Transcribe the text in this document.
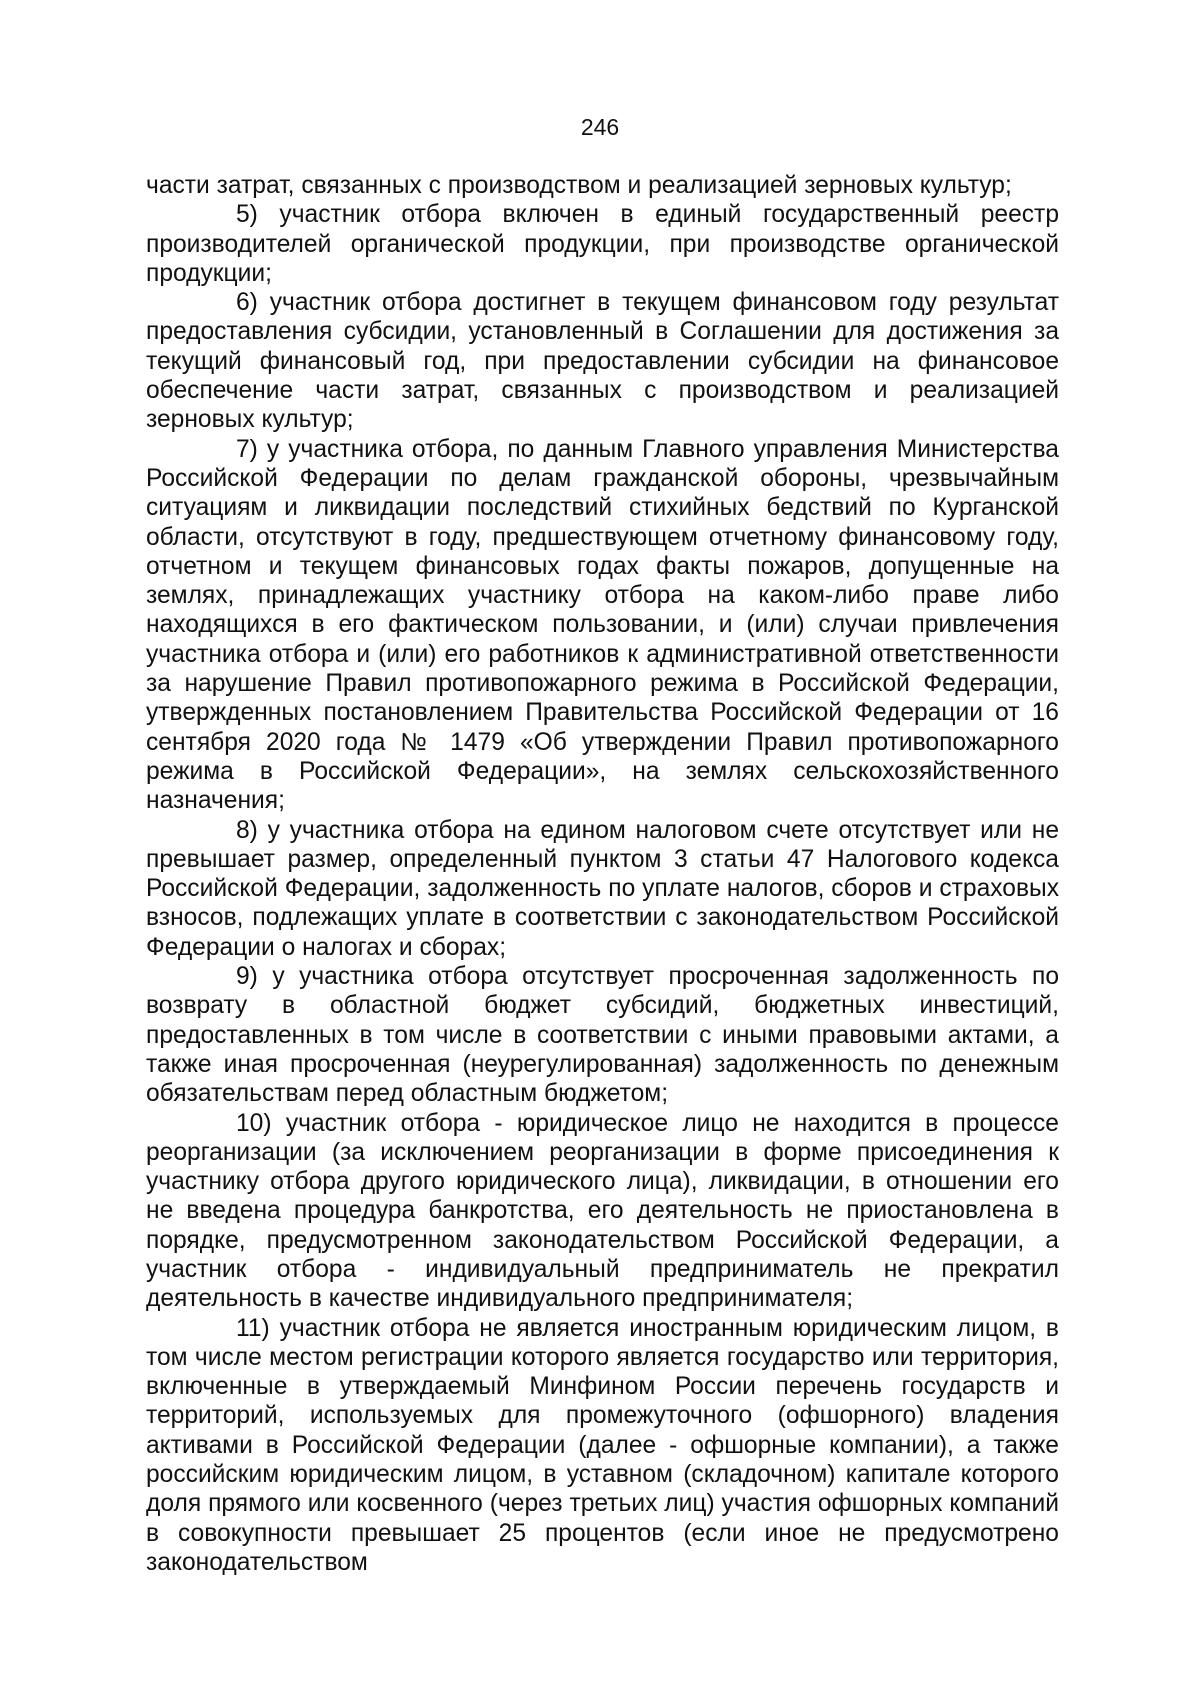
246

части затрат, связанных с производством и реализацией зерновых культур;

5) участник отбора включен в единый государственный реестр производителей органической продукции, при производстве органической продукции;

6) участник отбора достигнет в текущем финансовом году результат предоставления субсидии, установленный в Соглашении для достижения за текущий финансовый год, при предоставлении субсидии на финансовое обеспечение части затрат, связанных с производством и реализацией зерновых культур;

7) у участника отбора, по данным Главного управления Министерства Российской Федерации по делам гражданской обороны, чрезвычайным ситуациям и ликвидации последствий стихийных бедствий по Курганской области, отсутствуют в году, предшествующем отчетному финансовому году, отчетном и текущем финансовых годах факты пожаров, допущенные на землях, принадлежащих участнику отбора на каком-либо праве либо находящихся в его фактическом пользовании, и (или) случаи привлечения участника отбора и (или) его работников к административной ответственности за нарушение Правил противопожарного режима в Российской Федерации, утвержденных постановлением Правительства Российской Федерации от 16 сентября 2020 года № 1479 «Об утверждении Правил противопожарного режима в Российской Федерации», на землях сельскохозяйственного назначения;

8) у участника отбора на едином налоговом счете отсутствует или не превышает размер, определенный пунктом 3 статьи 47 Налогового кодекса Российской Федерации, задолженность по уплате налогов, сборов и страховых взносов, подлежащих уплате в соответствии с законодательством Российской Федерации о налогах и сборах;

9) у участника отбора отсутствует просроченная задолженность по возврату в областной бюджет субсидий, бюджетных инвестиций, предоставленных в том числе в соответствии с иными правовыми актами, а также иная просроченная (неурегулированная) задолженность по денежным обязательствам перед областным бюджетом;

10) участник отбора - юридическое лицо не находится в процессе реорганизации (за исключением реорганизации в форме присоединения к участнику отбора другого юридического лица), ликвидации, в отношении его не введена процедура банкротства, его деятельность не приостановлена в порядке, предусмотренном законодательством Российской Федерации, а участник отбора - индивидуальный предприниматель не прекратил деятельность в качестве индивидуального предпринимателя;

11) участник отбора не является иностранным юридическим лицом, в том числе местом регистрации которого является государство или территория, включенные в утверждаемый Минфином России перечень государств и территорий, используемых для промежуточного (офшорного) владения активами в Российской Федерации (далее - офшорные компании), а также российским юридическим лицом, в уставном (складочном) капитале которого доля прямого или косвенного (через третьих лиц) участия офшорных компаний в совокупности превышает 25 процентов (если иное не предусмотрено законодательством
